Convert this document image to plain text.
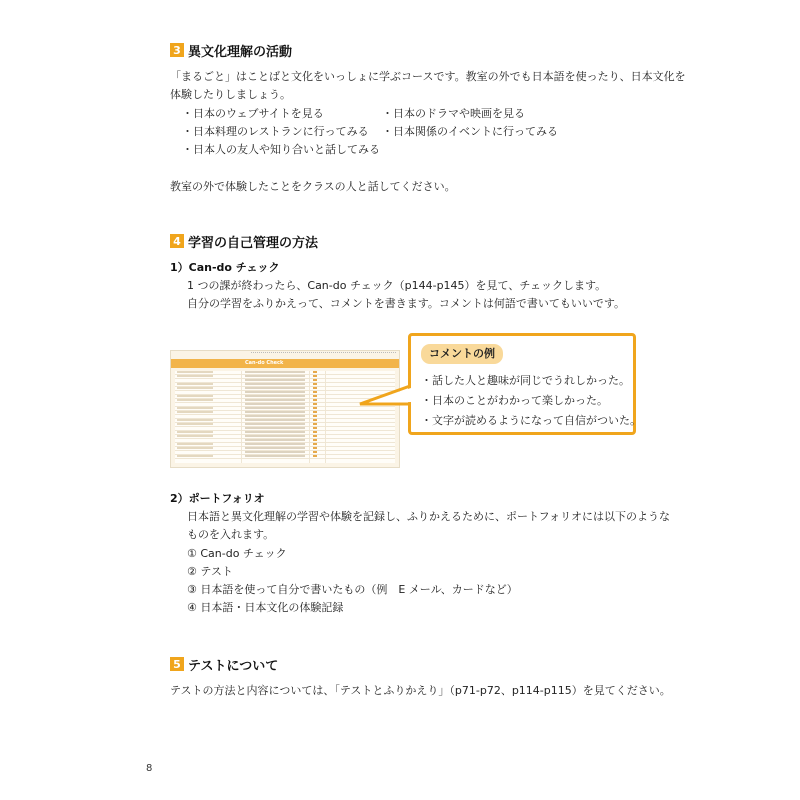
3 異文化理解の活動
「まるごと」はことばと文化をいっしょに学ぶコースです。教室の外でも日本語を使ったり、日本文化を
体験したりしましょう。
・日本のウェブサイトを見る
・日本料理のレストランに行ってみる
・日本人の友人や知り合いと話してみる
・日本のドラマや映画を見る
・日本関係のイベントに行ってみる
教室の外で体験したことをクラスの人と話してください。
4 学習の自己管理の方法
1）Can-do チェック
1 つの課が終わったら、Can-do チェック（p144-p145）を見て、チェックします。
自分の学習をふりかえって、コメントを書きます。コメントは何語で書いてもいいです。
Can-do Check
コメントの例
・話した人と趣味が同じでうれしかった。
・日本のことがわかって楽しかった。
・文字が読めるようになって自信がついた。
2）ポートフォリオ
日本語と異文化理解の学習や体験を記録し、ふりかえるために、ポートフォリオには以下のような
ものを入れます。
① Can-do チェック
② テスト
③ 日本語を使って自分で書いたもの（例　E メール、カードなど）
④ 日本語・日本文化の体験記録
5 テストについて
テストの方法と内容については、「テストとふりかえり」（p71-p72、p114-p115）を見てください。
8
